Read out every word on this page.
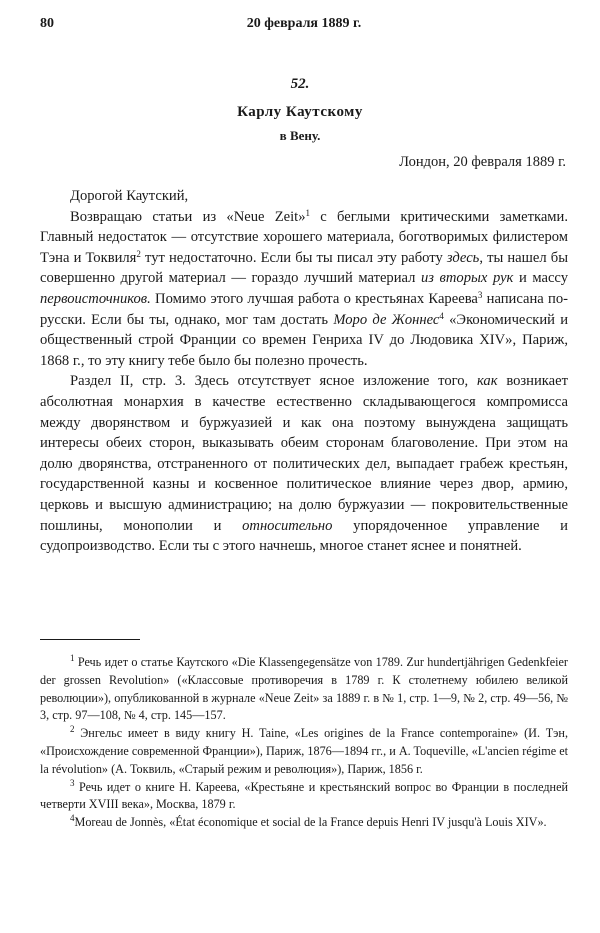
80	20 февраля 1889 г.
52.
Карлу Каутскому
в Вену.
Лондон, 20 февраля 1889 г.

Дорогой Каутский,

Возвращаю статьи из «Neue Zeit»$^1$ с беглыми критическими заметками. Главный недостаток — отсутствие хорошего материала, боготворимых филистером Тэна и Токвиля$^2$ тут недостаточно. Если бы ты писал эту работу здесь, ты нашел бы совершенно другой материал — гораздо лучший материал из вторых рук и массу первоисточников. Помимо этого лучшая работа о крестьянах Кареева$^3$ написана по-русски. Если бы ты, однако, мог там достать Моро де Жоннес$^4$ «Экономический и общественный строй Франции со времен Генриха IV до Людовика XIV», Париж, 1868 г., то эту книгу тебе было бы полезно прочесть.

Раздел II, стр. 3. Здесь отсутствует ясное изложение того, как возникает абсолютная монархия в качестве естественно складывающегося компромисса между дворянством и буржуазией и как она поэтому вынуждена защищать интересы обеих сторон, выказывать обеим сторонам благоволение. При этом на долю дворянства, отстраненного от политических дел, выпадает грабеж крестьян, государственной казны и косвенное политическое влияние через двор, армию, церковь и высшую администрацию; на долю буржуазии — покровительственные пошлины, монополии и относительно упорядоченное управление и судопроизводство. Если ты с этого начнешь, многое станет яснее и понятней.

$^1$ Речь идет о статье Каутского «Die Klassengegensätze von 1789. Zur hundertjährigen Gedenkfeier der grossen Revolution» («Классовые противоречия в 1789 г. К столетнему юбилею великой революции»), опубликованной в журнале «Neue Zeit» за 1889 г. в № 1, стр. 1—9, № 2, стр. 49—56, № 3, стр. 97—108, № 4, стр. 145—157.

$^2$ Энгельс имеет в виду книгу H. Taine, «Les origines de la France contemporaine» (И. Тэн, «Происхождение современной Франции»), Париж, 1876—1894 гг., и A. Toqueville, «L'ancien régime et la révolution» (А. Токвиль, «Старый режим и революция»), Париж, 1856 г.

$^3$ Речь идет о книге Н. Кареева, «Крестьяне и крестьянский вопрос во Франции в последней четверти XVIII века», Москва, 1879 г.

$^4$Moreau de Jonnès, «État économique et social de la France depuis Henri IV jusqu'à Louis XIV».
